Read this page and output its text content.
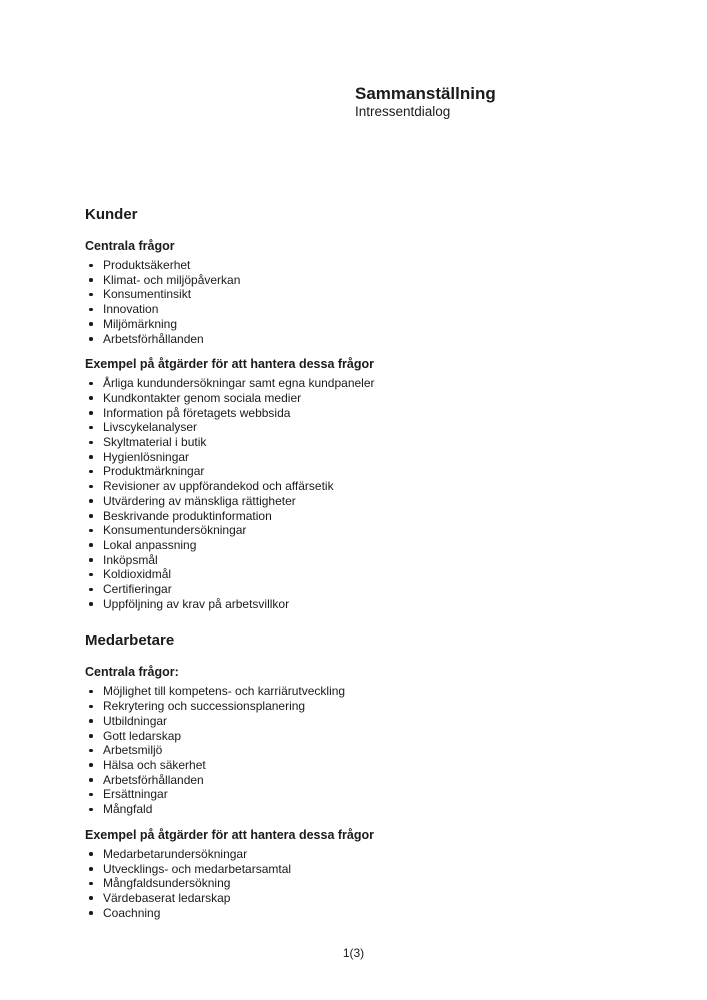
Sammanställning
Intressentdialog
Kunder
Centrala frågor
Produktsäkerhet
Klimat- och miljöpåverkan
Konsumentinsikt
Innovation
Miljömärkning
Arbetsförhållanden
Exempel på åtgärder för att hantera dessa frågor
Årliga kundundersökningar samt egna kundpaneler
Kundkontakter genom sociala medier
Information på företagets webbsida
Livscykelanalyser
Skyltmaterial i butik
Hygienlösningar
Produktmärkningar
Revisioner av uppförandekod och affärsetik
Utvärdering av mänskliga rättigheter
Beskrivande produktinformation
Konsumentundersökningar
Lokal anpassning
Inköpsmål
Koldioxidmål
Certifieringar
Uppföljning av krav på arbetsvillkor
Medarbetare
Centrala frågor:
Möjlighet till kompetens- och karriärutveckling
Rekrytering och successionsplanering
Utbildningar
Gott ledarskap
Arbetsmiljö
Hälsa och säkerhet
Arbetsförhållanden
Ersättningar
Mångfald
Exempel på åtgärder för att hantera dessa frågor
Medarbetarundersökningar
Utvecklings- och medarbetarsamtal
Mångfaldsundersökning
Värdebaserat ledarskap
Coachning
1(3)
